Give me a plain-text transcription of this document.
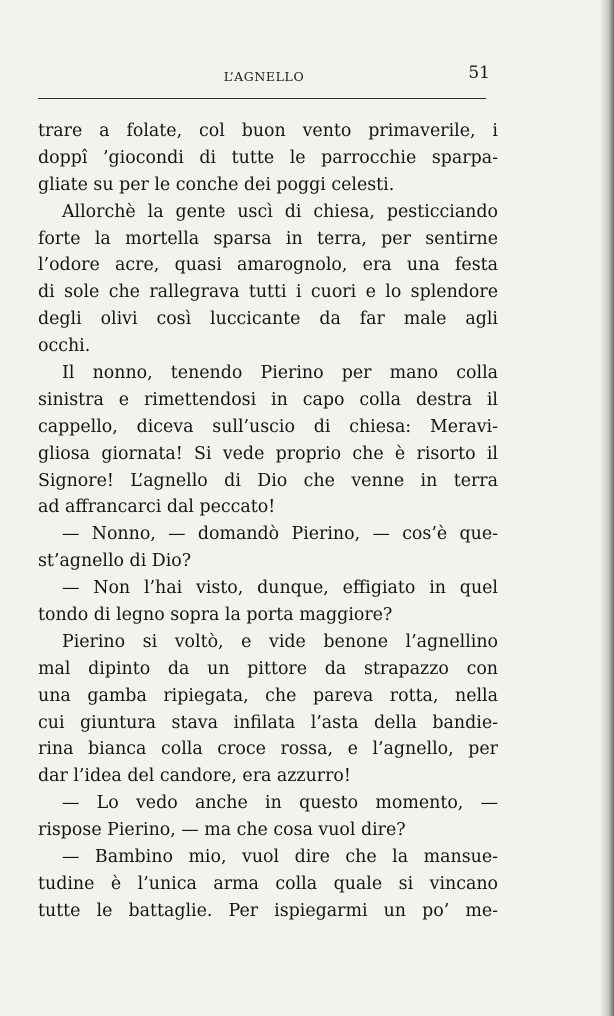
L’AGNELLO	51
trare a folate, col buon vento primaverile, i
doppî ’giocondi di tutte le parrocchie sparpa-
gliate su per le conche dei poggi celesti.
Allorchè la gente uscì di chiesa, pesticciando
forte la mortella sparsa in terra, per sentirne
l’odore acre, quasi amarognolo, era una festa
di sole che rallegrava tutti i cuori e lo splendore
degli olivi così luccicante da far male agli
occhi.
Il nonno, tenendo Pierino per mano colla
sinistra e rimettendosi in capo colla destra il
cappello, diceva sull’uscio di chiesa: Meravi-
gliosa giornata! Si vede proprio che è risorto il
Signore! L’agnello di Dio che venne in terra
ad affrancarci dal peccato!
— Nonno, — domandò Pierino, — cos’è que-
st’agnello di Dio?
— Non l’hai visto, dunque, effigiato in quel
tondo di legno sopra la porta maggiore?
Pierino si voltò, e vide benone l’agnellino
mal dipinto da un pittore da strapazzo con
una gamba ripiegata, che pareva rotta, nella
cui giuntura stava infilata l’asta della bandie-
rina bianca colla croce rossa, e l’agnello, per
dar l’idea del candore, era azzurro!
— Lo vedo anche in questo momento, —
rispose Pierino, — ma che cosa vuol dire?
— Bambino mio, vuol dire che la mansue-
tudine è l’unica arma colla quale si vincano
tutte le battaglie. Per ispiegarmi un po’ me-
